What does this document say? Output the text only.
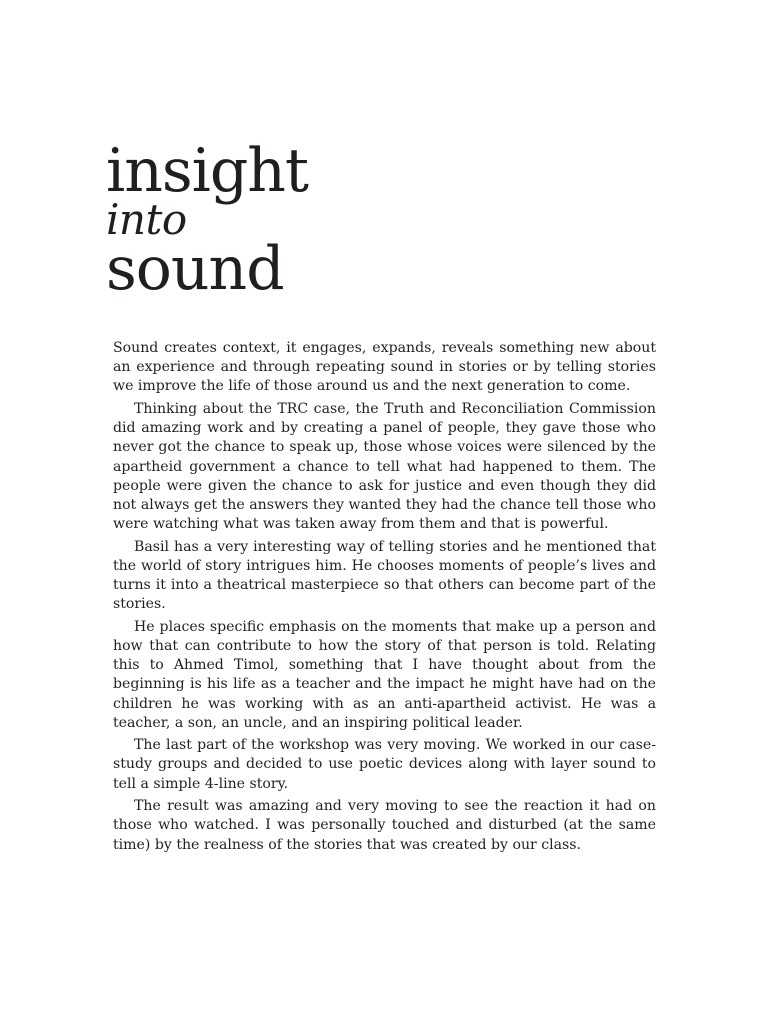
insight
into
sound

Sound creates context, it engages, expands, reveals something new about an experience and through repeating sound in stories or by telling stories we improve the life of those around us and the next generation to come.

Thinking about the TRC case, the Truth and Reconciliation Commission did amazing work and by creating a panel of people, they gave those who never got the chance to speak up, those whose voices were silenced by the apartheid government a chance to tell what had happened to them. The people were given the chance to ask for justice and even though they did not always get the answers they wanted they had the chance tell those who were watching what was taken away from them and that is powerful.

Basil has a very interesting way of telling stories and he mentioned that the world of story intrigues him. He chooses moments of people’s lives and turns it into a theatrical masterpiece so that others can become part of the stories.

He places specific emphasis on the moments that make up a person and how that can contribute to how the story of that person is told. Relating this to Ahmed Timol, something that I have thought about from the beginning is his life as a teacher and the impact he might have had on the children he was working with as an anti-apartheid activist. He was a teacher, a son, an uncle, and an inspiring political leader.

The last part of the workshop was very moving. We worked in our case-study groups and decided to use poetic devices along with layer sound to tell a simple 4-line story.

The result was amazing and very moving to see the reaction it had on those who watched. I was personally touched and disturbed (at the same time) by the realness of the stories that was created by our class.
